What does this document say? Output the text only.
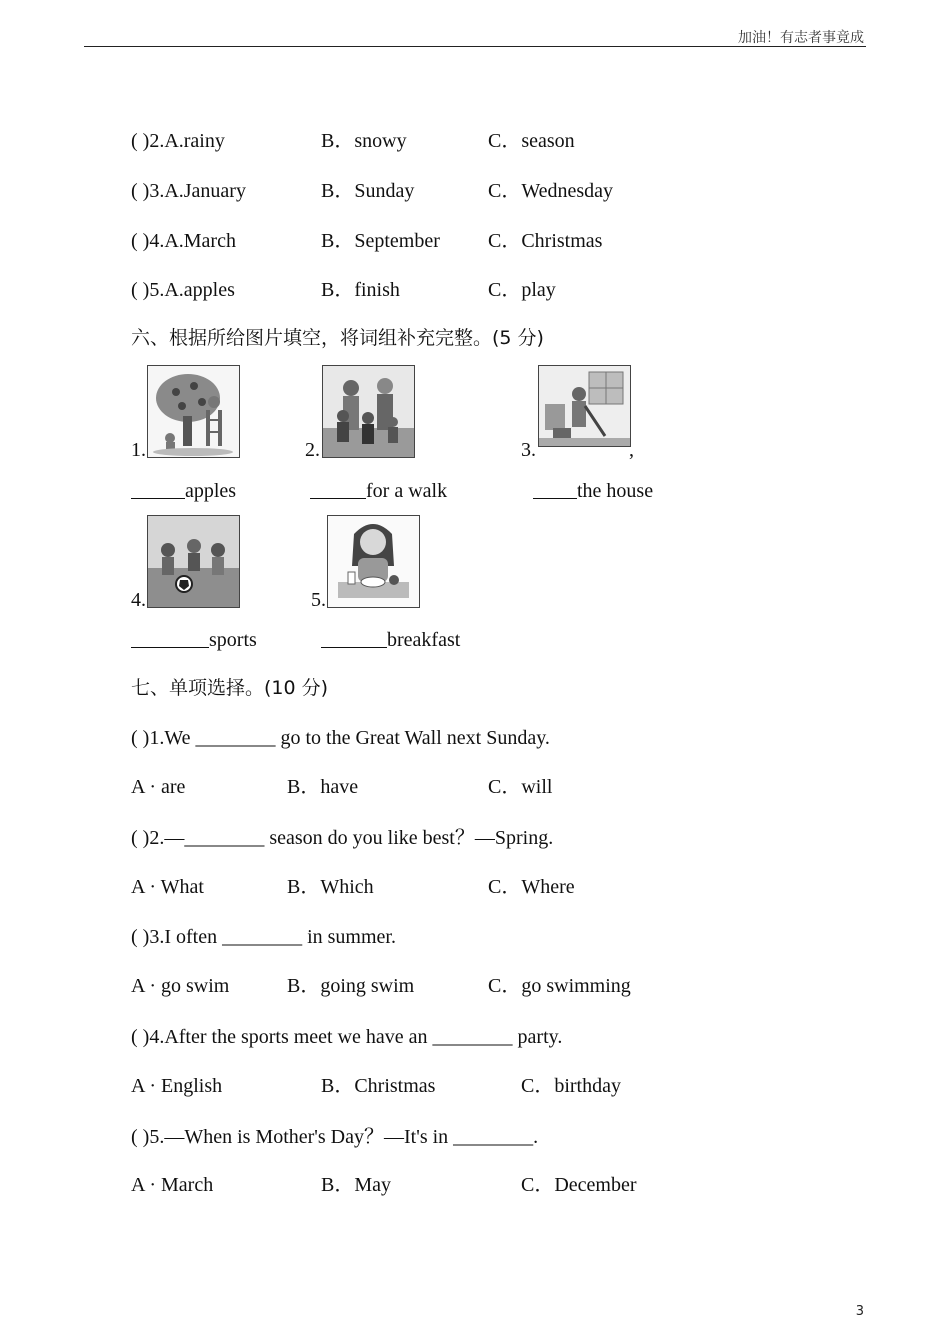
加油！有志者事竟成
( )2.A.rainy	B．snowy	C．season
( )3.A.January	B．Sunday	C．Wednesday
( )4.A.March	B．September C．Christmas
( )5.A.apples	B．finish	C．play
六、根据所给图片填空，将词组补充完整。(5 分)
1.	2.	3.	,
apples	for a walk	the house
4.	5.
sports	breakfast
七、单项选择。(10 分)
( )1.We ________ go to the Great Wall next Sunday.
A · are	B．have	C．will
( )2.—________ season do you like best？—Spring.
A · What	B．Which	C．Where
( )3.I often ________ in summer.
A · go swim	B．going swim	C．go swimming
( )4.After the sports meet we have an ________ party.
A · English	B．Christmas	C．birthday
( )5.—When is Mother's Day？—It's in ________.
A · March	B．May	C．December
3
